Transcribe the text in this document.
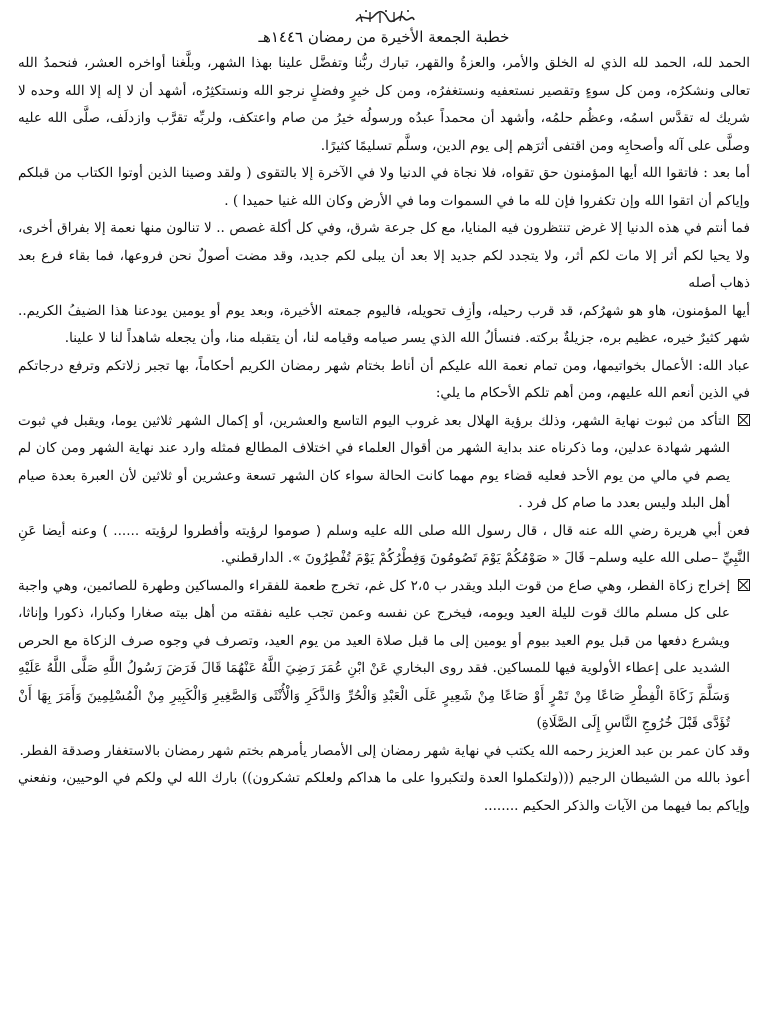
خطبة الجمعة الأخيرة من رمضان ١٤٤٦هـ

الحمد لله، الحمد لله الذي له الخلق والأمر، والعزةُ والقهر، تبارك ربُّنا وتفضَّل علينا بهذا الشهر، وبلَّغنا أواخره العشر، فنحمدُ الله تعالى ونشكرُه، ومن كل سوءٍ وتقصير نستعفيه ونستغفرُه، ومن كل خيرٍ وفضلٍ نرجو الله ونستكثِرُه، أشهد أن لا إله إلا الله وحده لا شريك له تقدَّس اسمُه، وعظُم حلمُه، وأشهد أن محمداً عبدُه ورسولُه خيرُ من صام واعتكف، ولربِّه تقرَّب وازدلَف، صلَّى الله عليه وصلَّى على آله وأصحابِه ومن اقتفى أثرَهم إلى يوم الدين، وسلَّم تسليمًا كثيرًا.

أما بعد : فاتقوا الله أيها المؤمنون حق تقواه، فلا نجاة في الدنيا ولا في الآخرة إلا بالتقوى ( ولقد وصينا الذين أوتوا الكتاب من قبلكم وإياكم أن اتقوا الله وإن تكفروا فإن لله ما في السموات وما في الأرض وكان الله غنيا حميدا ) .

فما أنتم في هذه الدنيا إلا غرض تنتظرون فيه المنايا، مع كل جرعة شرق، وفي كل أكلة غصص .. لا تنالون منها نعمة إلا بفراق أخرى، ولا يحيا لكم أثر إلا مات لكم أثر، ولا يتجدد لكم جديد إلا بعد أن يبلى لكم جديد، وقد مضت أصولٌ نحن فروعها، فما بقاء فرع بعد ذهاب أصله

أيها المؤمنون، هاو هو شهرُكم، قد قرب رحيله، وأزِف تحويله، فاليوم جمعته الأخيرة، وبعد يوم أو يومين يودعنا هذا الضيفُ الكريم.. شهر كثيرٌ خيره، عظيم بره، جزيلةٌ بركته. فنسألُ الله الذي يسر صيامه وقيامه لنا، أن يتقبله منا، وأن يجعله شاهداً لنا لا علينا.

عباد الله: الأعمال بخواتيمها، ومن تمام نعمة الله عليكم أن أناط بختام شهر رمضان الكريم أحكاماً، بها تجبر زلاتكم وترفع درجاتكم في الذين أنعم الله عليهم، ومن أهم تلكم الأحكام ما يلي:

التأكد من ثبوت نهاية الشهر، وذلك برؤية الهلال بعد غروب اليوم التاسع والعشرين، أو إكمال الشهر ثلاثين يوما، ويقبل في ثبوت الشهر شهادة عدلين، وما ذكرناه عند بداية الشهر من أقوال العلماء في اختلاف المطالع فمثله وارد عند نهاية الشهر ومن كان لم يصم في مالي من يوم الأحد فعليه قضاء يوم مهما كانت الحالة سواء كان الشهر تسعة وعشرين أو ثلاثين لأن العبرة بعدة صيام أهل البلد وليس بعدد ما صام كل فرد .

فعن أبي هريرة رضي الله عنه قال ، قال رسول الله صلى الله عليه وسلم ( صوموا لرؤيته وأفطروا لرؤيته ...... ) وعنه أيضا عَنِ النَّبِيِّ –صلى الله عليه وسلم– قَالَ « صَوْمُكُمْ يَوْمَ تَصُومُونَ وَفِطْرُكُمْ يَوْمَ تُفْطِرُونَ ». الدارقطني.

إخراج زكاة الفطر، وهي صاع من قوت البلد ويقدر ب ٢،٥ كل غم، تخرج طعمة للفقراء والمساكين وطهرة للصائمين، وهي واجبة على كل مسلم مالك قوت لليلة العيد ويومه، فيخرج عن نفسه وعمن تجب عليه نفقته من أهل بيته صغارا وكبارا، ذكورا وإناثا، ويشرع دفعها من قبل يوم العيد بيوم أو يومين إلى ما قبل صلاة العيد من يوم العيد، وتصرف في وجوه صرف الزكاة مع الحرص الشديد على إعطاء الأولوية فيها للمساكين. فقد روى البخاري عَنْ ابْنِ عُمَرَ رَضِيَ اللَّهُ عَنْهُمَا قَالَ فَرَضَ رَسُولُ اللَّهِ صَلَّى اللَّهُ عَلَيْهِ وَسَلَّمَ زَكَاةَ الْفِطْرِ صَاعًا مِنْ تَمْرٍ أَوْ صَاعًا مِنْ شَعِيرٍ عَلَى الْعَبْدِ وَالْحُرِّ وَالذَّكَرِ وَالْأُنْثَى وَالصَّغِيرِ وَالْكَبِيرِ مِنْ الْمُسْلِمِينَ وَأَمَرَ بِهَا أَنْ تُؤَدَّى قَبْلَ خُرُوجِ النَّاسِ إِلَى الصَّلَاةِ)

وقد كان عمر بن عبد العزيز رحمه الله يكتب في نهاية شهر رمضان إلى الأمصار يأمرهم بختم شهر رمضان بالاستغفار وصدقة الفطر.

أعوذ بالله من الشيطان الرجيم (((ولتكملوا العدة ولتكبروا على ما هداكم ولعلكم تشكرون)) بارك الله لي ولكم في الوحيين، ونفعني وإياكم بما فيهما من الآيات والذكر الحكيم ........
